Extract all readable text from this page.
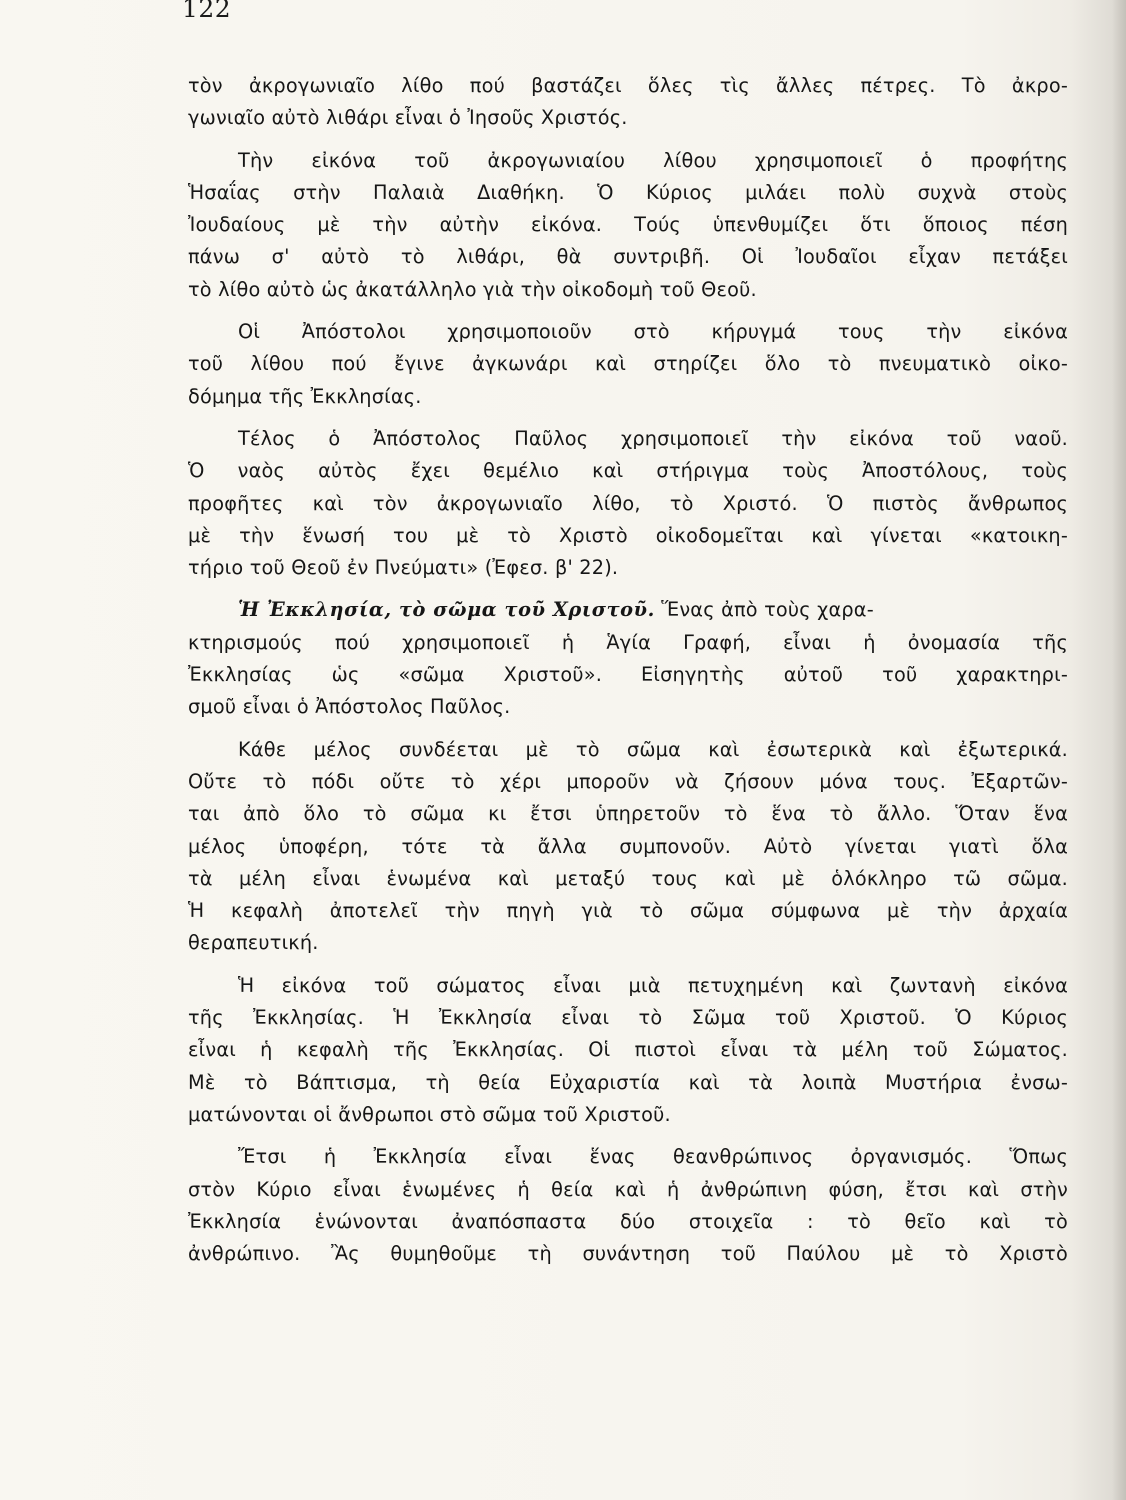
122
τὸν ἀκρογωνιαῖο λίθο πού βαστάζει ὅλες τὶς ἄλλες πέτρες. Τὸ ἀκρο-
γωνιαῖο αὐτὸ λιθάρι εἶναι ὁ Ἰησοῦς Χριστός.
Τὴν εἰκόνα τοῦ ἀκρογωνιαίου λίθου χρησιμοποιεῖ ὁ προφήτης
Ἡσαΐας στὴν Παλαιὰ Διαθήκη. Ὁ Κύριος μιλάει πολὺ συχνὰ στοὺς
Ἰουδαίους μὲ τὴν αὐτὴν εἰκόνα. Τούς ὑπενθυμίζει ὅτι ὅποιος πέση
πάνω σ' αὐτὸ τὸ λιθάρι, θὰ συντριβῆ. Οἱ Ἰουδαῖοι εἶχαν πετάξει
τὸ λίθο αὐτὸ ὡς ἀκατάλληλο γιὰ τὴν οἰκοδομὴ τοῦ Θεοῦ.
Οἱ Ἀπόστολοι χρησιμοποιοῦν στὸ κήρυγμά τους τὴν εἰκόνα
τοῦ λίθου πού ἔγινε ἀγκωνάρι καὶ στηρίζει ὅλο τὸ πνευματικὸ οἰκο-
δόμημα τῆς Ἐκκλησίας.
Τέλος ὁ Ἀπόστολος Παῦλος χρησιμοποιεῖ τὴν εἰκόνα τοῦ ναοῦ.
Ὁ ναὸς αὐτὸς ἔχει θεμέλιο καὶ στήριγμα τοὺς Ἀποστόλους, τοὺς
προφῆτες καὶ τὸν ἀκρογωνιαῖο λίθο, τὸ Χριστό. Ὁ πιστὸς ἄνθρωπος
μὲ τὴν ἕνωσή του μὲ τὸ Χριστὸ οἰκοδομεῖται καὶ γίνεται «κατοικη-
τήριο τοῦ Θεοῦ ἐν Πνεύματι» (Ἐφεσ. β' 22).
Ἡ Ἐκκλησία, τὸ σῶμα τοῦ Χριστοῦ. Ἕνας ἀπὸ τοὺς χαρα-
κτηρισμούς πού χρησιμοποιεῖ ἡ Ἁγία Γραφή, εἶναι ἡ ὀνομασία τῆς
Ἐκκλησίας ὡς «σῶμα Χριστοῦ». Εἰσηγητὴς αὐτοῦ τοῦ χαρακτηρι-
σμοῦ εἶναι ὁ Ἀπόστολος Παῦλος.
Κάθε μέλος συνδέεται μὲ τὸ σῶμα καὶ ἐσωτερικὰ καὶ ἐξωτερικά.
Οὔτε τὸ πόδι οὔτε τὸ χέρι μποροῦν νὰ ζήσουν μόνα τους. Ἐξαρτῶν-
ται ἀπὸ ὅλο τὸ σῶμα κι ἔτσι ὑπηρετοῦν τὸ ἕνα τὸ ἄλλο. Ὅταν ἕνα
μέλος ὑποφέρη, τότε τὰ ἄλλα συμπονοῦν. Αὐτὸ γίνεται γιατὶ ὅλα
τὰ μέλη εἶναι ἑνωμένα καὶ μεταξύ τους καὶ μὲ ὁλόκληρο τῶ σῶμα.
Ἡ κεφαλὴ ἀποτελεῖ τὴν πηγὴ γιὰ τὸ σῶμα σύμφωνα μὲ τὴν ἀρχαία
θεραπευτική.
Ἡ εἰκόνα τοῦ σώματος εἶναι μιὰ πετυχημένη καὶ ζωντανὴ εἰκόνα
τῆς Ἐκκλησίας. Ἡ Ἐκκλησία εἶναι τὸ Σῶμα τοῦ Χριστοῦ. Ὁ Κύριος
εἶναι ἡ κεφαλὴ τῆς Ἐκκλησίας. Οἱ πιστοὶ εἶναι τὰ μέλη τοῦ Σώματος.
Μὲ τὸ Βάπτισμα, τὴ θεία Εὐχαριστία καὶ τὰ λοιπὰ Μυστήρια ἐνσω-
ματώνονται οἱ ἄνθρωποι στὸ σῶμα τοῦ Χριστοῦ.
Ἔτσι ἡ Ἐκκλησία εἶναι ἕνας θεανθρώπινος ὀργανισμός. Ὅπως
στὸν Κύριο εἶναι ἑνωμένες ἡ θεία καὶ ἡ ἀνθρώπινη φύση, ἔτσι καὶ στὴν
Ἐκκλησία ἑνώνονται ἀναπόσπαστα δύο στοιχεῖα : τὸ θεῖο καὶ τὸ
ἀνθρώπινο. Ἂς θυμηθοῦμε τὴ συνάντηση τοῦ Παύλου μὲ τὸ Χριστὸ
